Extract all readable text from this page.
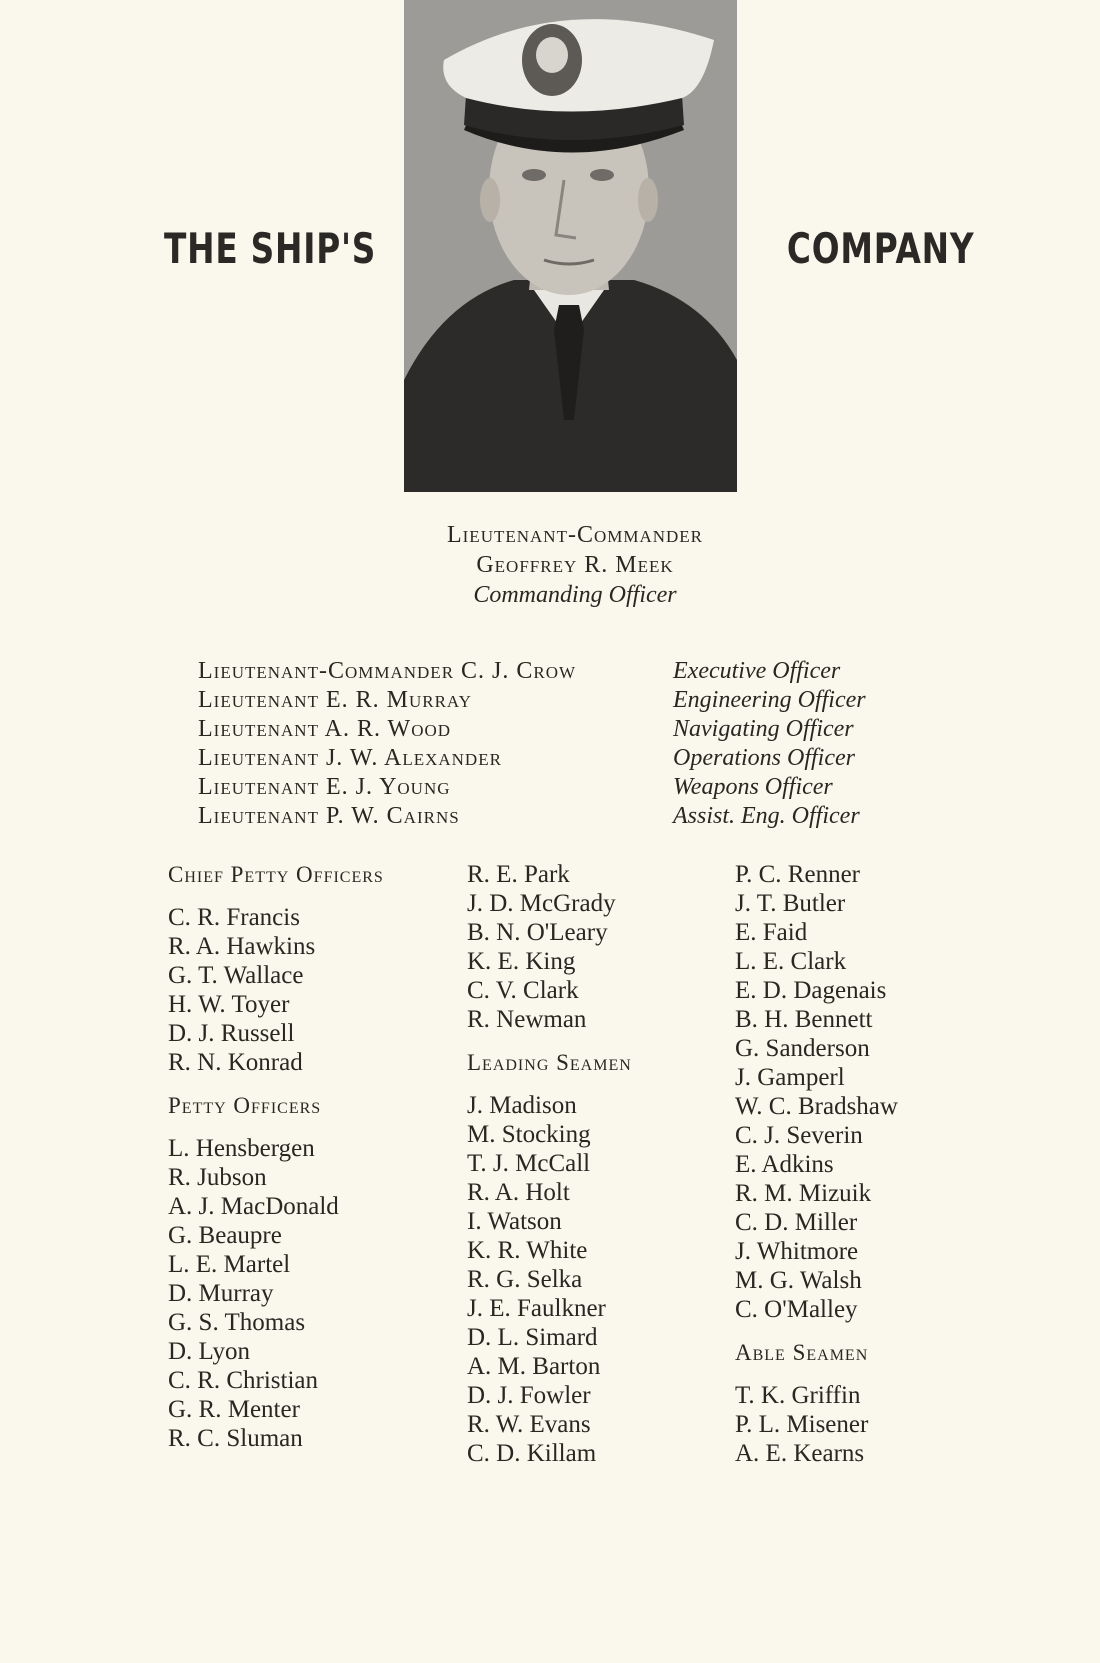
THE SHIP'S	COMPANY
Lieutenant-Commander
Geoffrey R. Meek
Commanding Officer
Lieutenant-Commander C. J. Crow	Executive Officer
Lieutenant E. R. Murray	Engineering Officer
Lieutenant A. R. Wood	Navigating Officer
Lieutenant J. W. Alexander	Operations Officer
Lieutenant E. J. Young	Weapons Officer
Lieutenant P. W. Cairns	Assist. Eng. Officer
Chief Petty Officers
C. R. Francis
R. A. Hawkins
G. T. Wallace
H. W. Toyer
D. J. Russell
R. N. Konrad
Petty Officers
L. Hensbergen
R. Jubson
A. J. MacDonald
G. Beaupre
L. E. Martel
D. Murray
G. S. Thomas
D. Lyon
C. R. Christian
G. R. Menter
R. C. Sluman
R. E. Park
J. D. McGrady
B. N. O'Leary
K. E. King
C. V. Clark
R. Newman
Leading Seamen
J. Madison
M. Stocking
T. J. McCall
R. A. Holt
I. Watson
K. R. White
R. G. Selka
J. E. Faulkner
D. L. Simard
A. M. Barton
D. J. Fowler
R. W. Evans
C. D. Killam
P. C. Renner
J. T. Butler
E. Faid
L. E. Clark
E. D. Dagenais
B. H. Bennett
G. Sanderson
J. Gamperl
W. C. Bradshaw
C. J. Severin
E. Adkins
R. M. Mizuik
C. D. Miller
J. Whitmore
M. G. Walsh
C. O'Malley
Able Seamen
T. K. Griffin
P. L. Misener
A. E. Kearns
